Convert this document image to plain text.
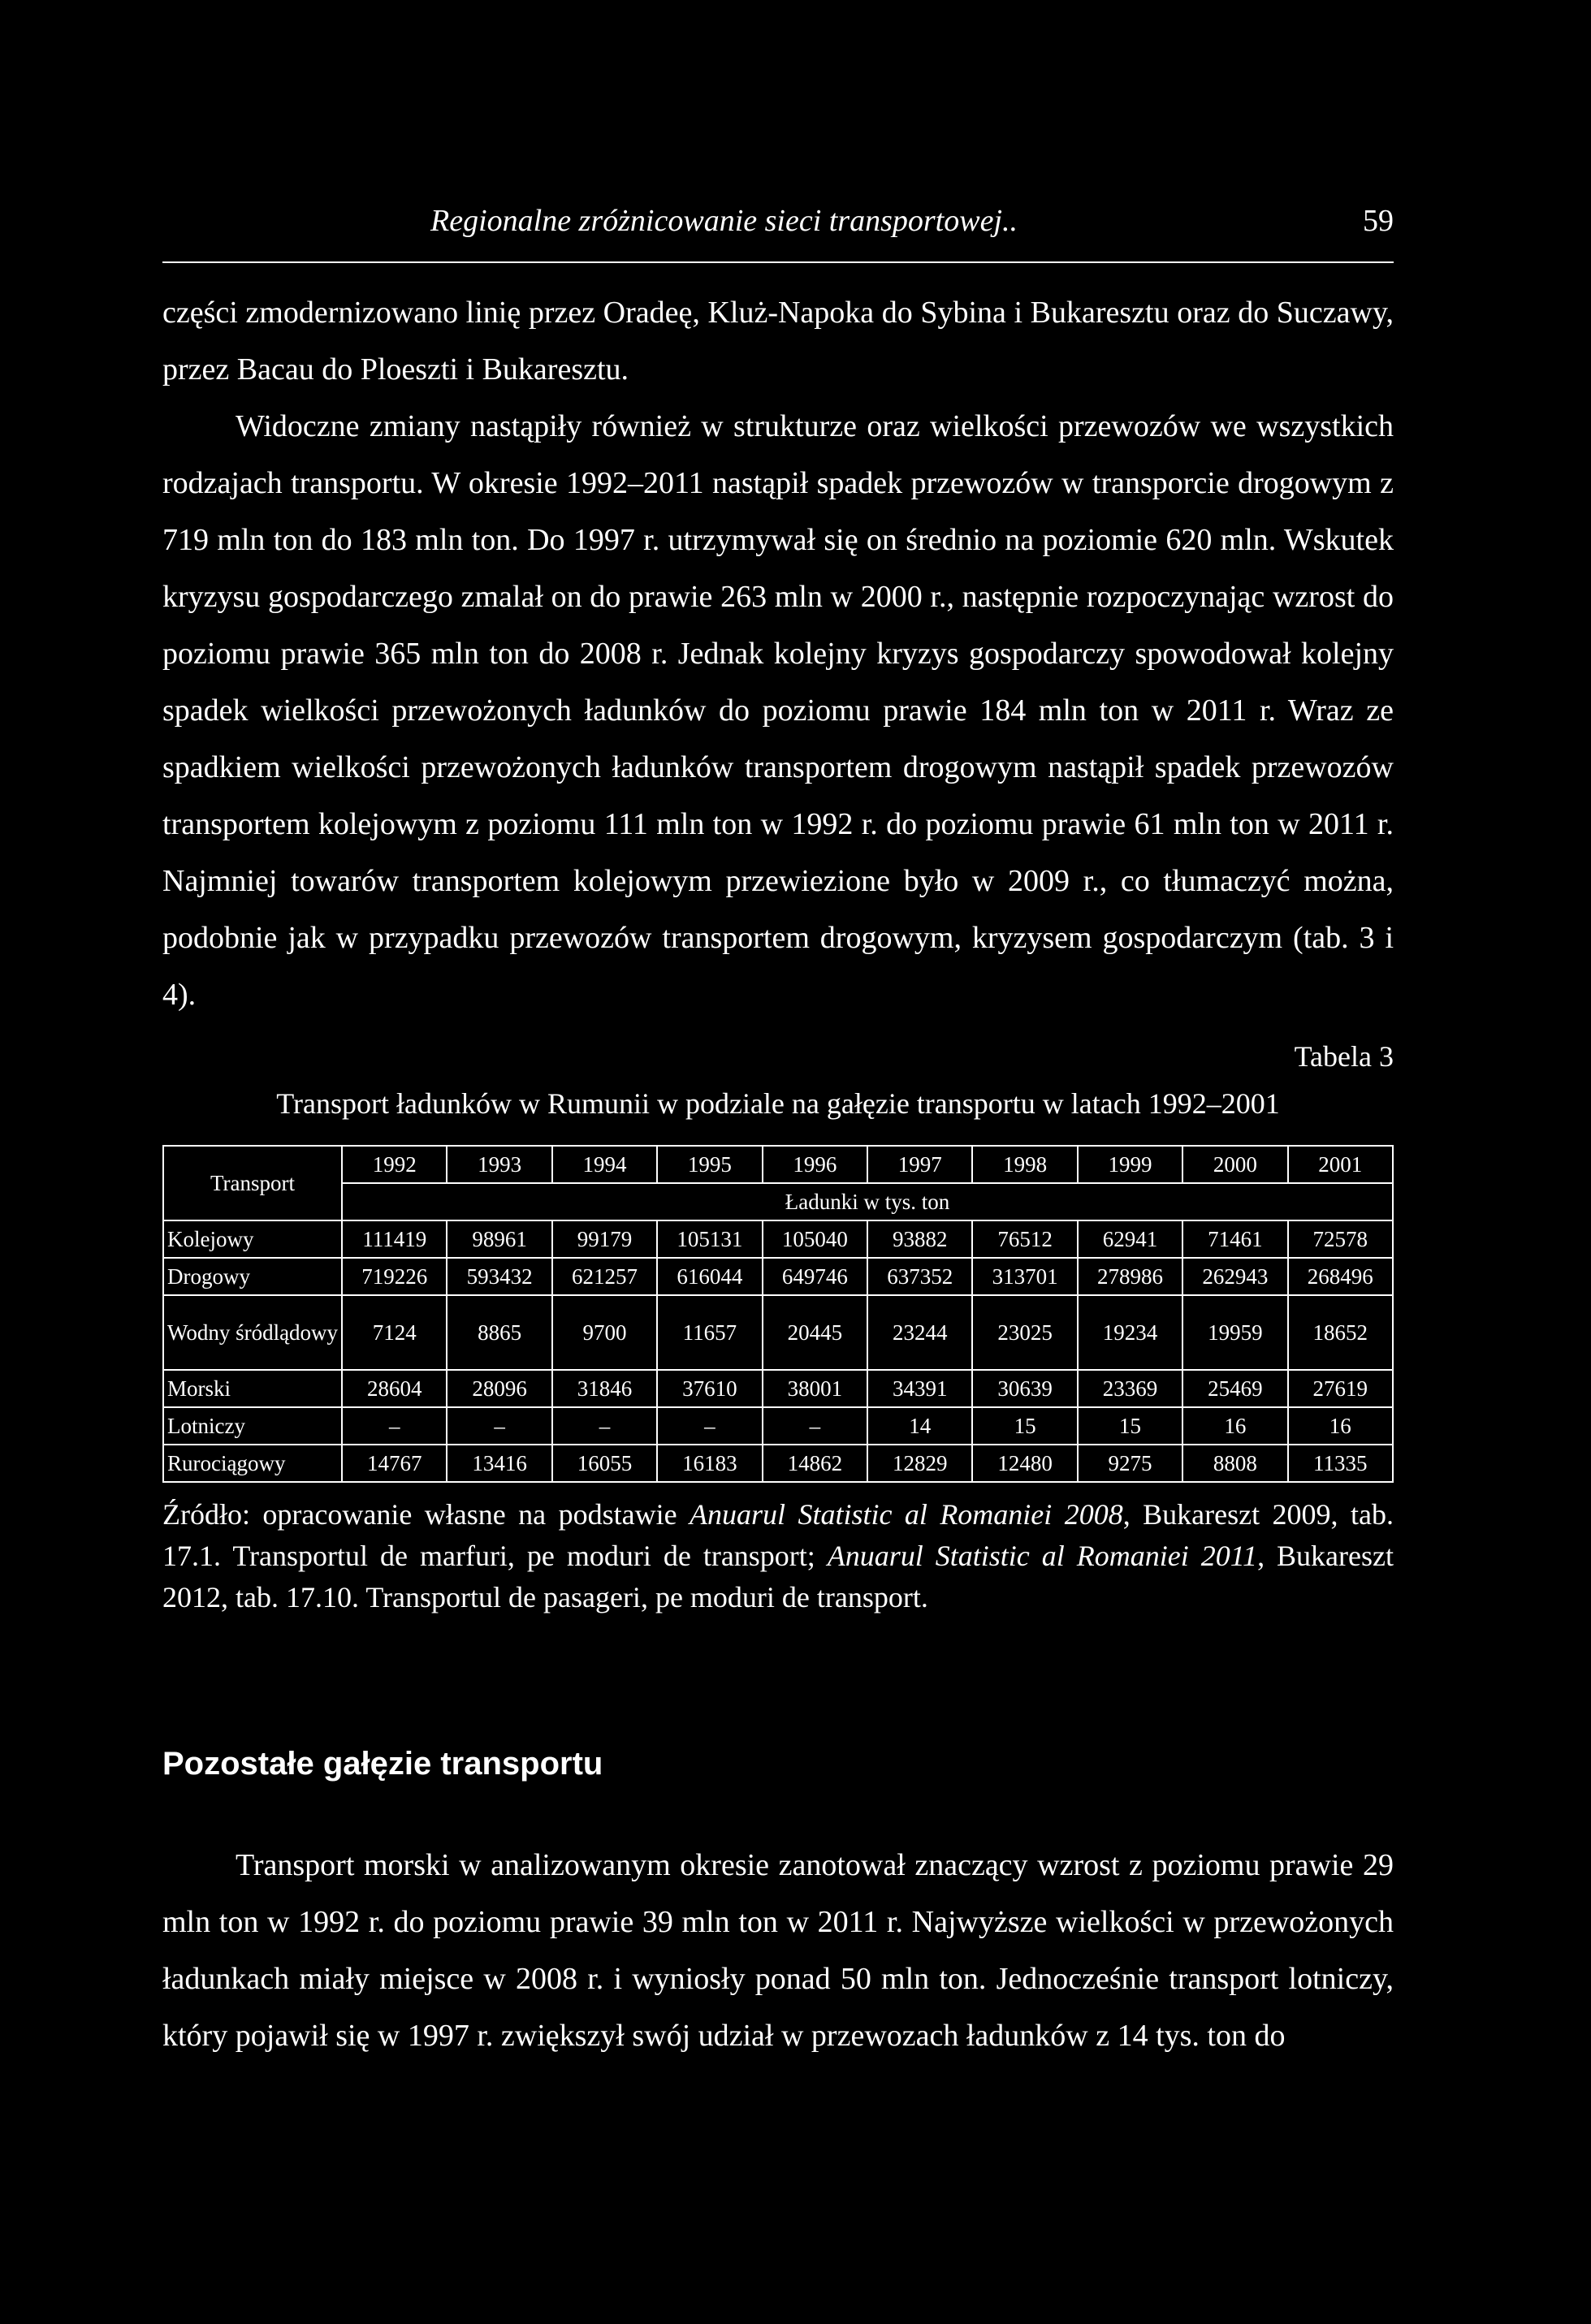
Regionalne zróżnicowanie sieci transportowej..	59

części zmodernizowano linię przez Oradeę, Kluż-Napoka do Sybina i Bukaresztu oraz do Suczawy, przez Bacau do Ploeszti i Bukaresztu.

Widoczne zmiany nastąpiły również w strukturze oraz wielkości przewozów we wszystkich rodzajach transportu. W okresie 1992–2011 nastąpił spadek przewozów w transporcie drogowym z 719 mln ton do 183 mln ton. Do 1997 r. utrzymywał się on średnio na poziomie 620 mln. Wskutek kryzysu gospodarczego zmalał on do prawie 263 mln w 2000 r., następnie rozpoczynając wzrost do poziomu prawie 365 mln ton do 2008 r. Jednak kolejny kryzys gospodarczy spowodował kolejny spadek wielkości przewożonych ładunków do poziomu prawie 184 mln ton w 2011 r. Wraz ze spadkiem wielkości przewożonych ładunków transportem drogowym nastąpił spadek przewozów transportem kolejowym z poziomu 111 mln ton w 1992 r. do poziomu prawie 61 mln ton w 2011 r. Najmniej towarów transportem kolejowym przewiezione było w 2009 r., co tłumaczyć można, podobnie jak w przypadku przewozów transportem drogowym, kryzysem gospodarczym (tab. 3 i 4).

Tabela 3
Transport ładunków w Rumunii w podziale na gałęzie transportu w latach 1992–2001
Transport	1992	1993	1994	1995	1996	1997	1998	1999	2000	2001
	Ładunki w tys. ton									
Kolejowy	111419	98961	99179	105131	105040	93882	76512	62941	71461	72578
Drogowy	719226	593432	621257	616044	649746	637352	313701	278986	262943	268496
Wodny śródlądowy	7124	8865	9700	11657	20445	23244	23025	19234	19959	18652
Morski	28604	28096	31846	37610	38001	34391	30639	23369	25469	27619
Lotniczy	–	–	–	–	–	14	15	15	16	16
Rurociągowy	14767	13416	16055	16183	14862	12829	12480	9275	8808	11335
Źródło: opracowanie własne na podstawie Anuarul Statistic al Romaniei 2008, Bukareszt 2009, tab. 17.1. Transportul de marfuri, pe moduri de transport; Anuarul Statistic al Romaniei 2011, Bukareszt 2012, tab. 17.10. Transportul de pasageri, pe moduri de transport.
Pozostałe gałęzie transportu

Transport morski w analizowanym okresie zanotował znaczący wzrost z poziomu prawie 29 mln ton w 1992 r. do poziomu prawie 39 mln ton w 2011 r. Najwyższe wielkości w przewożonych ładunkach miały miejsce w 2008 r. i wyniosły ponad 50 mln ton. Jednocześnie transport lotniczy, który pojawił się w 1997 r. zwiększył swój udział w przewozach ładunków z 14 tys. ton do
